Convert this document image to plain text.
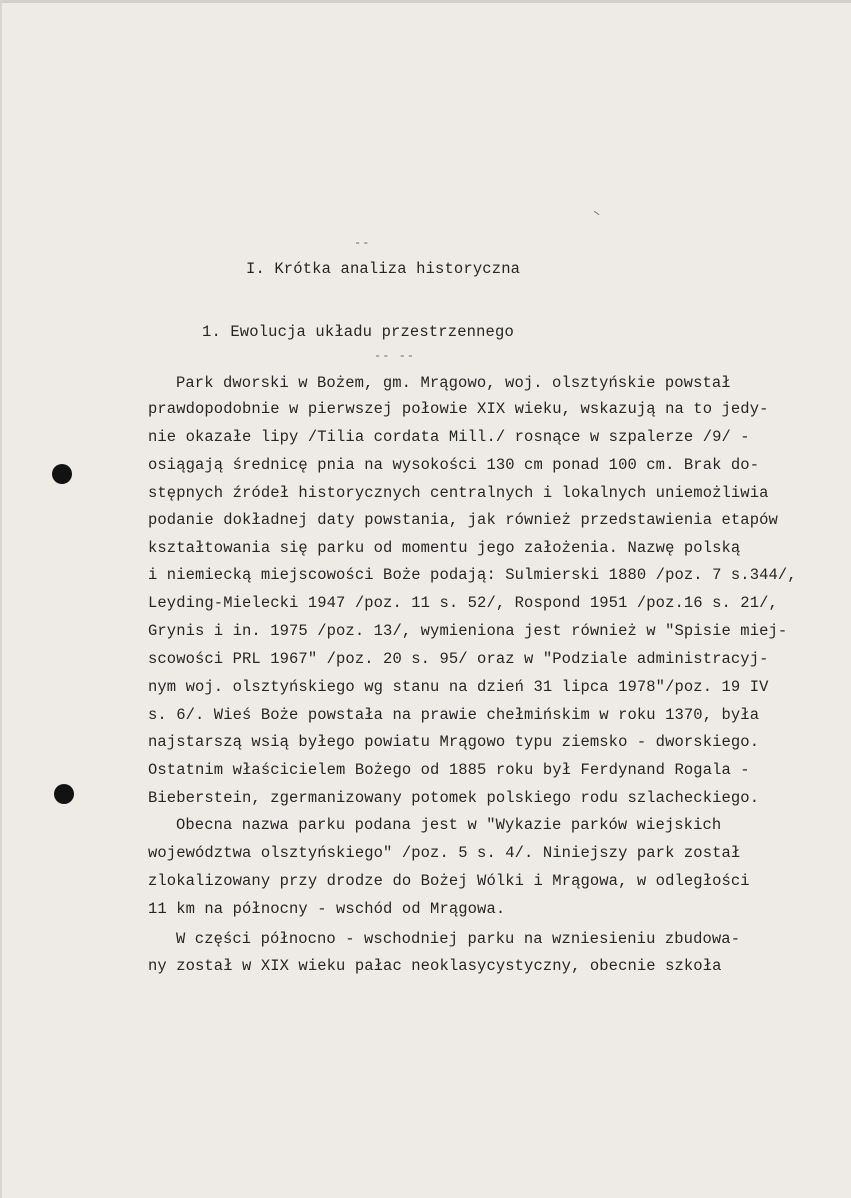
--
I. Krótka analiza historyczna
1. Ewolucja układu przestrzennego
-- --
Park dworski w Bożem, gm. Mrągowo, woj. olsztyńskie powstał
prawdopodobnie w pierwszej połowie XIX wieku, wskazują na to jedy-
nie okazałe lipy /Tilia cordata Mill./ rosnące w szpalerze /9/ -
osiągają średnicę pnia na wysokości 130 cm ponad 100 cm. Brak do-
stępnych źródeł historycznych centralnych i lokalnych uniemożliwia
podanie dokładnej daty powstania, jak również przedstawienia etapów
kształtowania się parku od momentu jego założenia. Nazwę polską
i niemiecką miejscowości Boże podają: Sulmierski 1880 /poz. 7 s.344/,
Leyding-Mielecki 1947 /poz. 11 s. 52/, Rospond 1951 /poz.16 s. 21/,
Grynis i in. 1975 /poz. 13/, wymieniona jest również w "Spisie miej-
scowości PRL 1967" /poz. 20 s. 95/ oraz w "Podziale administracyj-
nym woj. olsztyńskiego wg stanu na dzień 31 lipca 1978"/poz. 19 IV
s. 6/. Wieś Boże powstała na prawie chełmińskim w roku 1370, była
najstarszą wsią byłego powiatu Mrągowo typu ziemsko - dworskiego.
Ostatnim właścicielem Bożego od 1885 roku był Ferdynand Rogala -
Bieberstein, zgermanizowany potomek polskiego rodu szlacheckiego.
Obecna nazwa parku podana jest w "Wykazie parków wiejskich
województwa olsztyńskiego" /poz. 5 s. 4/. Niniejszy park został
zlokalizowany przy drodze do Bożej Wólki i Mrągowa, w odległości
11 km na północny - wschód od Mrągowa.
W części północno - wschodniej parku na wzniesieniu zbudowa-
ny został w XIX wieku pałac neoklasycystyczny, obecnie szkoła
